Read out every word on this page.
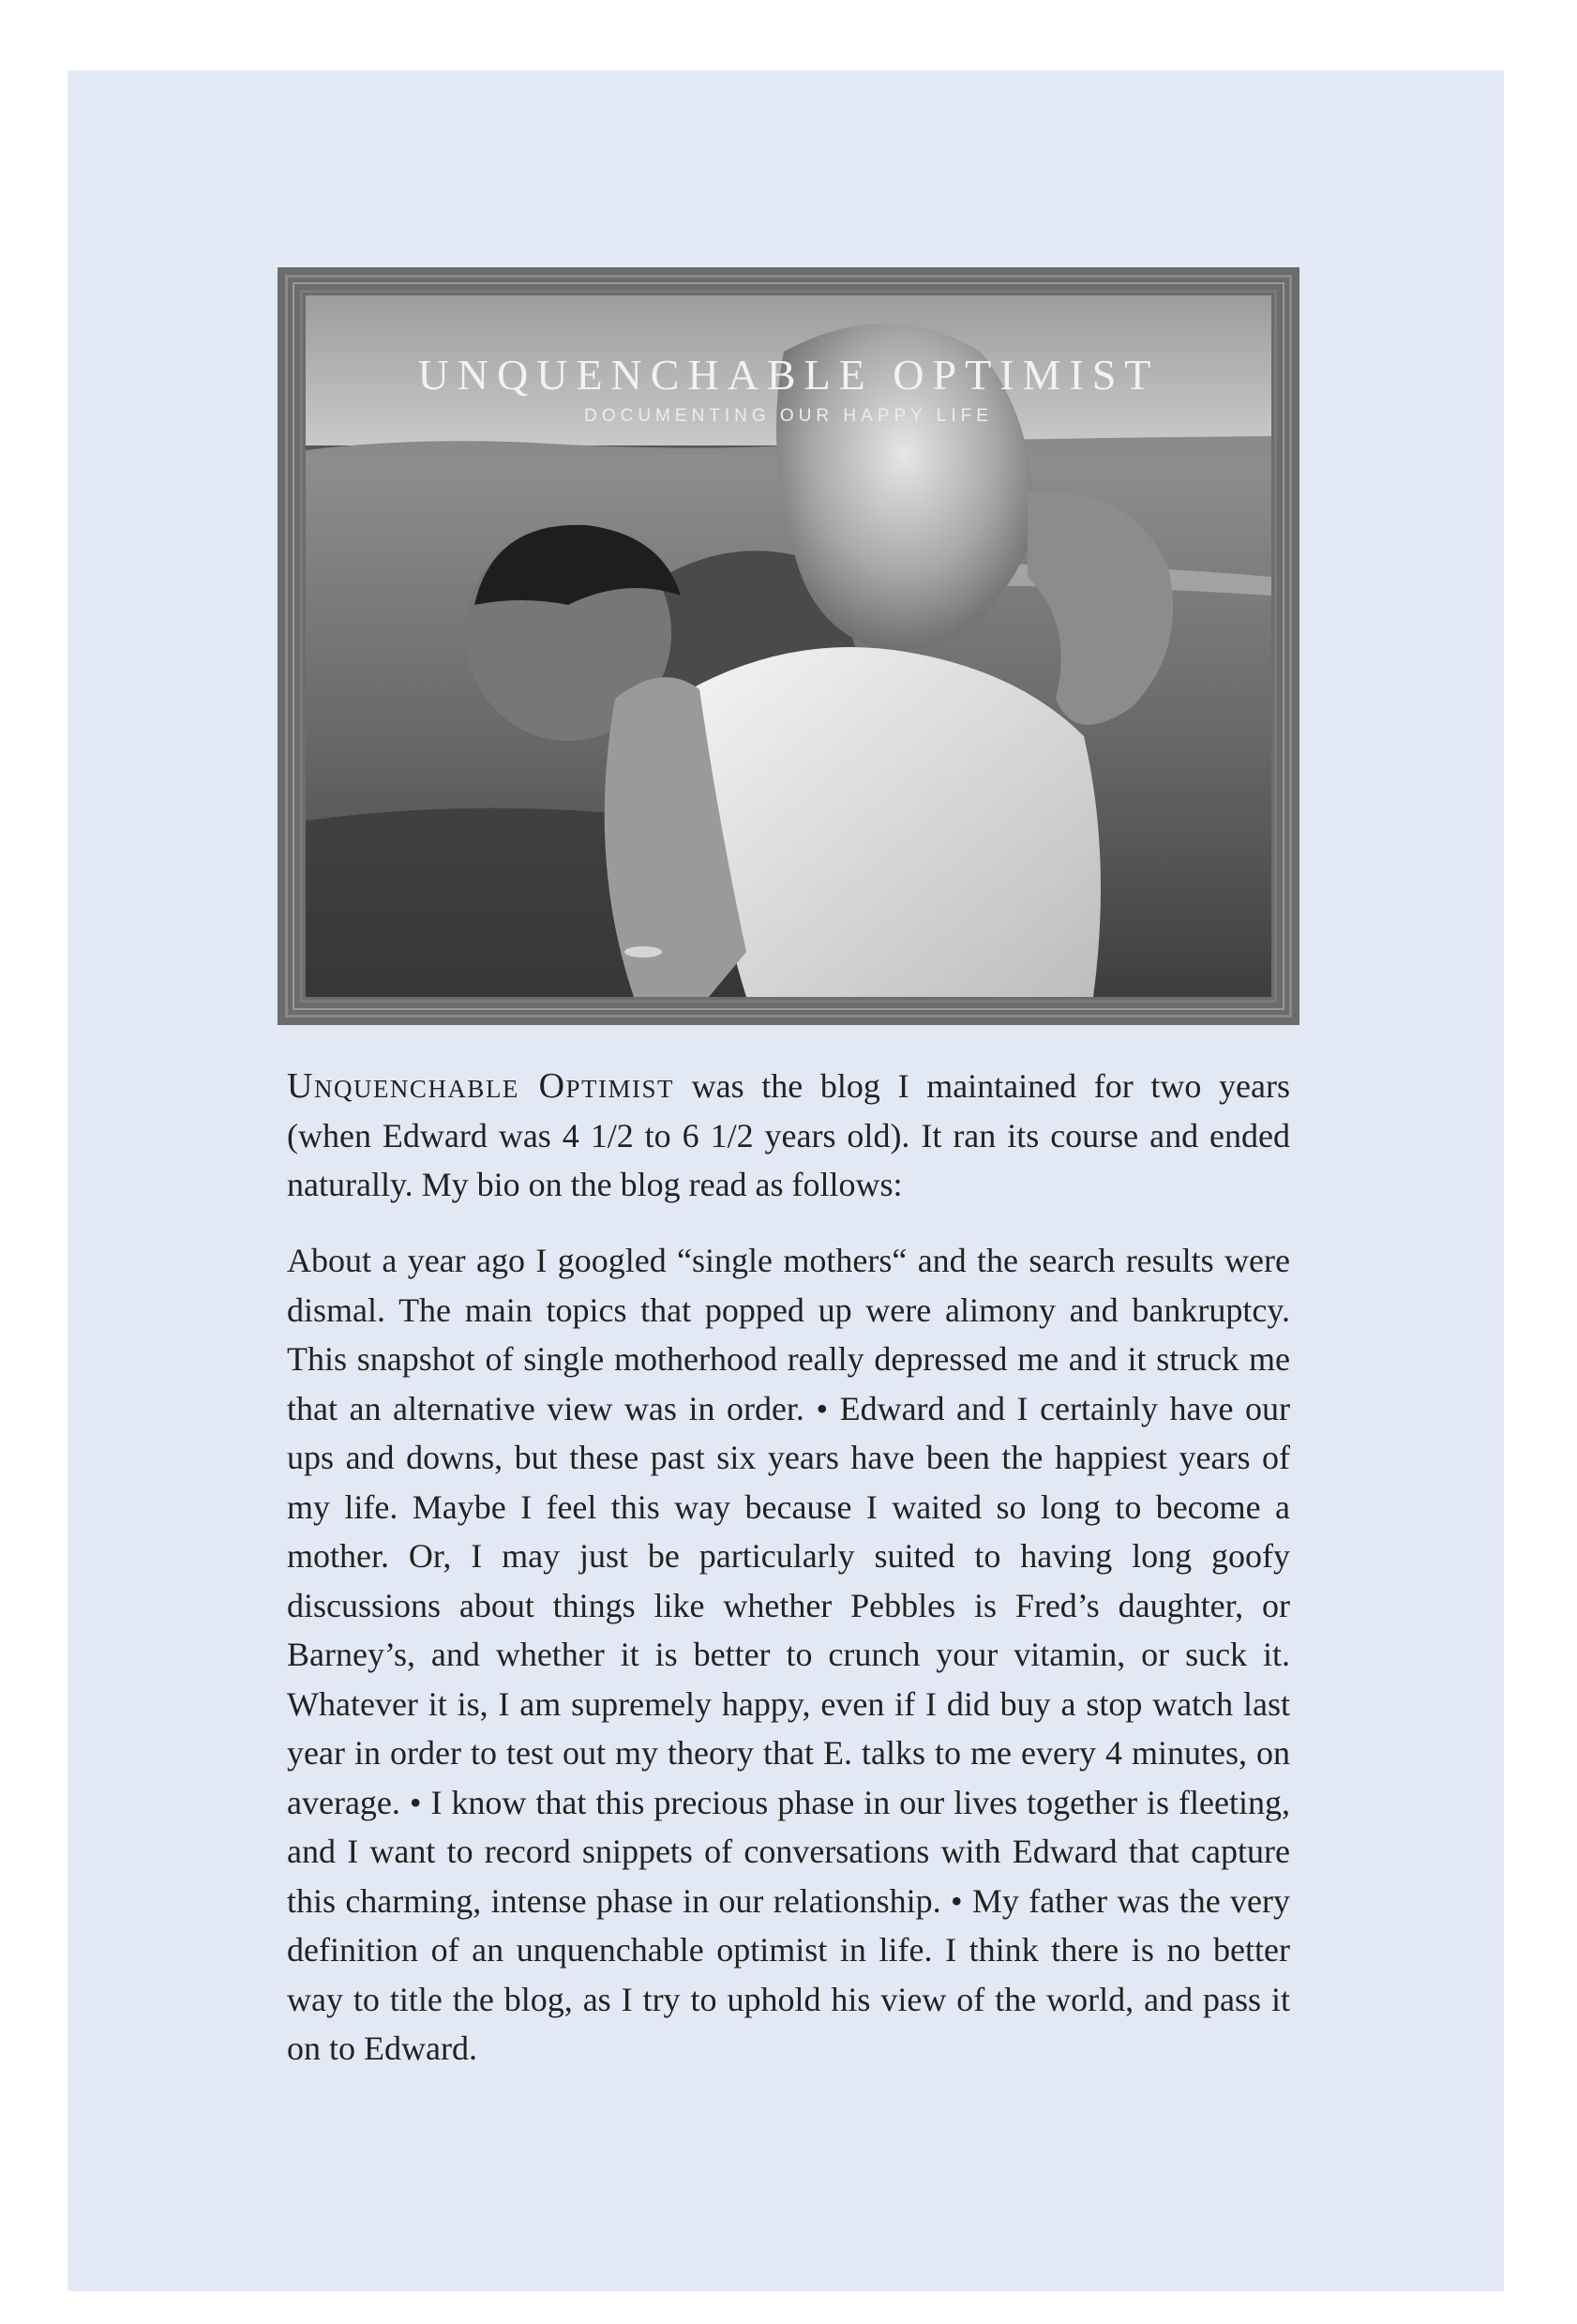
UNQUENCHABLE OPTIMIST
DOCUMENTING OUR HAPPY LIFE

Unquenchable Optimist was the blog I maintained for two years (when Edward was 4 1/2 to 6 1/2 years old). It ran its course and ended naturally. My bio on the blog read as follows:

About a year ago I googled “single mothers“ and the search results were dismal. The main topics that popped up were alimony and bankruptcy. This snapshot of single motherhood really depressed me and it struck me that an alternative view was in order. • Edward and I certainly have our ups and downs, but these past six years have been the happiest years of my life. Maybe I feel this way because I waited so long to become a mother. Or, I may just be particularly suited to having long goofy discussions about things like whether Pebbles is Fred’s daughter, or Barney’s, and whether it is better to crunch your vitamin, or suck it. Whatever it is, I am supremely happy, even if I did buy a stop watch last year in order to test out my theory that E. talks to me every 4 minutes, on average. • I know that this precious phase in our lives together is fleeting, and I want to record snippets of conversations with Edward that capture this charming, intense phase in our relationship. • My father was the very definition of an unquenchable optimist in life. I think there is no better way to title the blog, as I try to uphold his view of the world, and pass it on to Edward.
